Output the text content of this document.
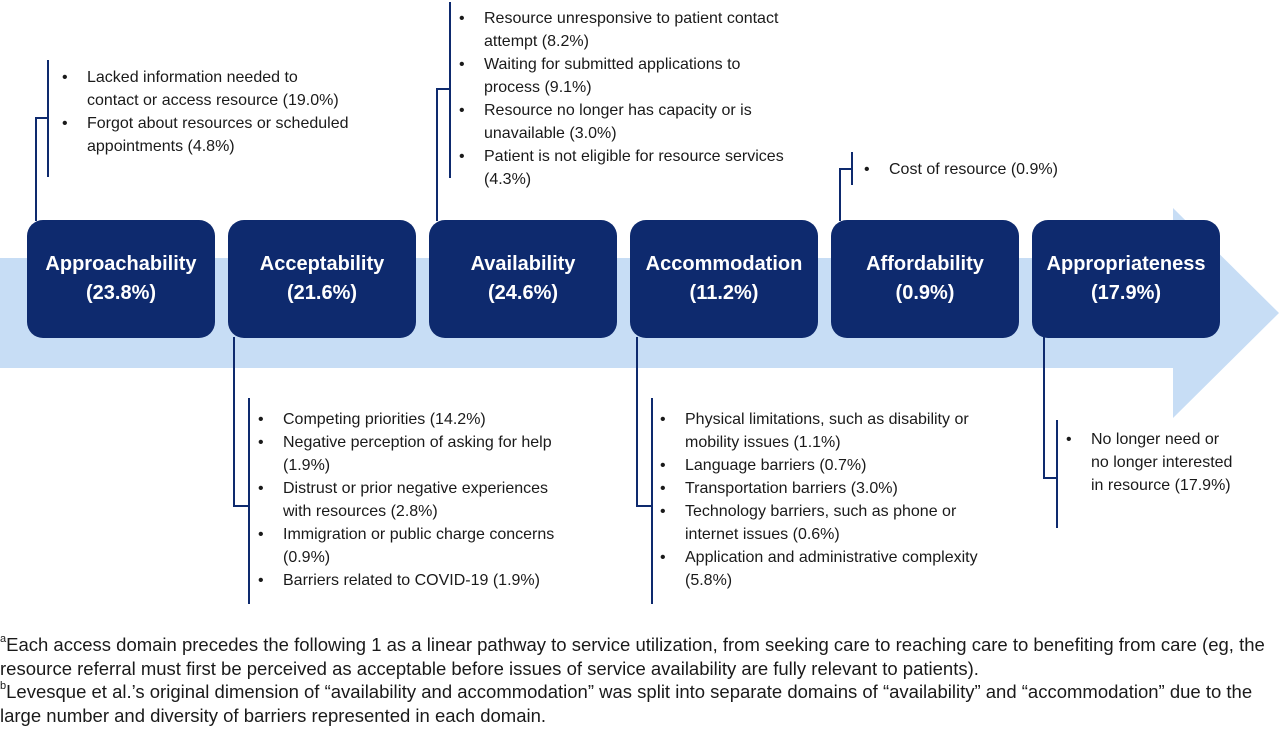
Approachability
(23.8%)
Acceptability
(21.6%)
Availability
(24.6%)
Accommodation
(11.2%)
Affordability
(0.9%)
Appropriateness
(17.9%)
• Lacked information needed to contact or access resource (19.0%)
• Forgot about resources or scheduled appointments (4.8%)
• Competing priorities (14.2%)
• Negative perception of asking for help (1.9%)
• Distrust or prior negative experiences with resources (2.8%)
• Immigration or public charge concerns (0.9%)
• Barriers related to COVID-19 (1.9%)
• Resource unresponsive to patient contact attempt (8.2%)
• Waiting for submitted applications to process (9.1%)
• Resource no longer has capacity or is unavailable (3.0%)
• Patient is not eligible for resource services (4.3%)
• Physical limitations, such as disability or mobility issues (1.1%)
• Language barriers (0.7%)
• Transportation barriers (3.0%)
• Technology barriers, such as phone or internet issues (0.6%)
• Application and administrative complexity (5.8%)
• Cost of resource (0.9%)
• No longer need or no longer interested in resource (17.9%)

$^a$Each access domain precedes the following 1 as a linear pathway to service utilization, from seeking care to reaching care to benefiting from care (eg, the resource referral must first be perceived as acceptable before issues of service availability are fully relevant to patients).

$^b$Levesque et al.’s original dimension of “availability and accommodation” was split into separate domains of “availability” and “accommodation” due to the large number and diversity of barriers represented in each domain.
